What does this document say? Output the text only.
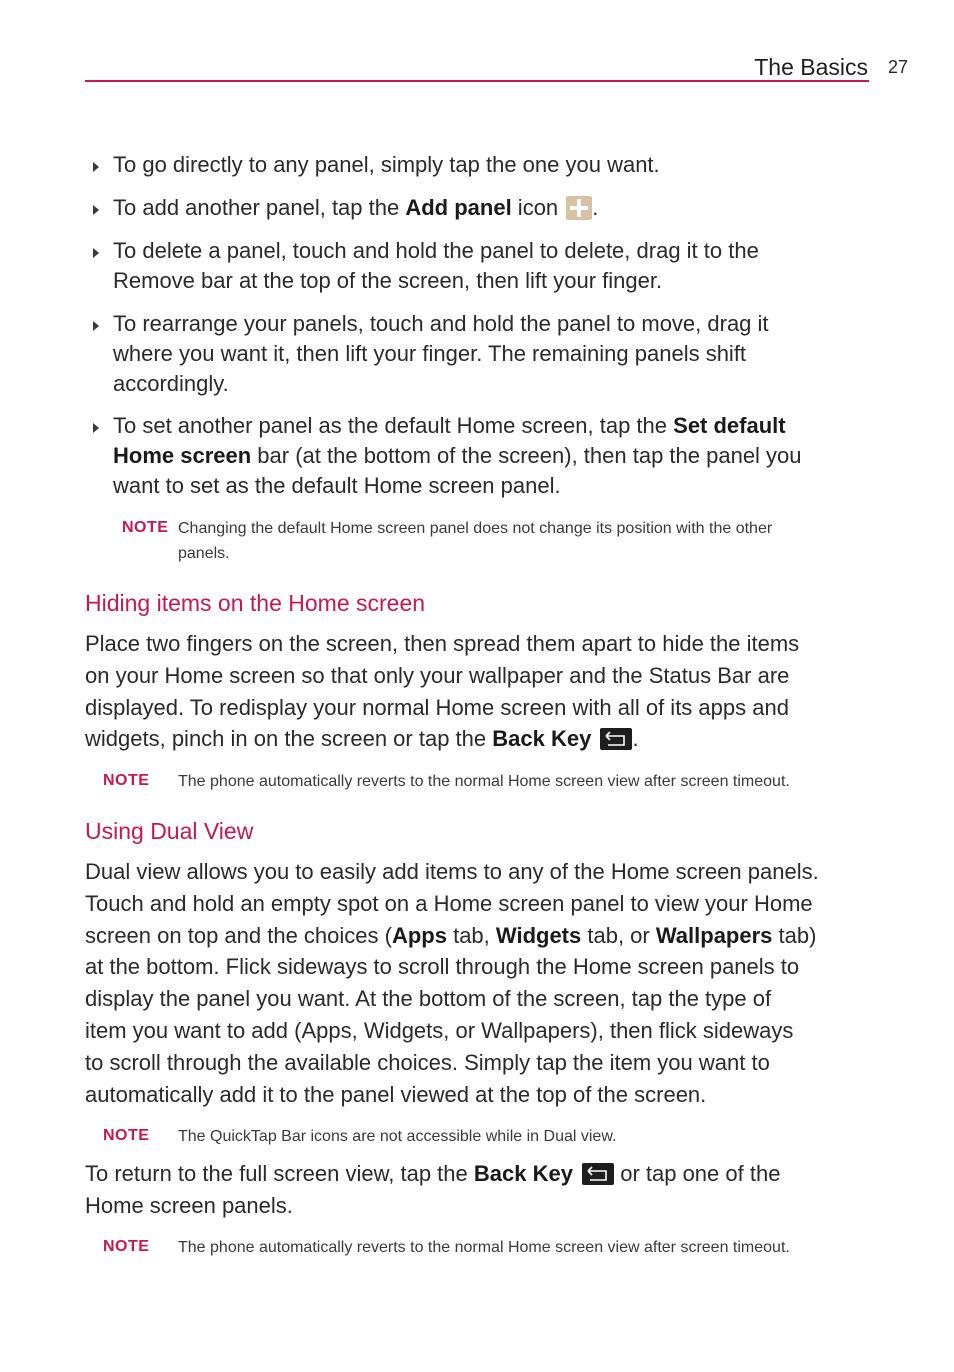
The Basics 27
To go directly to any panel, simply tap the one you want.
To add another panel, tap the Add panel icon .
To delete a panel, touch and hold the panel to delete, drag it to the
Remove bar at the top of the screen, then lift your finger.
To rearrange your panels, touch and hold the panel to move, drag it
where you want it, then lift your finger. The remaining panels shift
accordingly.
To set another panel as the default Home screen, tap the Set default
Home screen bar (at the bottom of the screen), then tap the panel you
want to set as the default Home screen panel.
NOTE Changing the default Home screen panel does not change its position with the other
panels.
Hiding items on the Home screen
Place two fingers on the screen, then spread them apart to hide the items
on your Home screen so that only your wallpaper and the Status Bar are
displayed. To redisplay your normal Home screen with all of its apps and
widgets, pinch in on the screen or tap the Back Key .
NOTE The phone automatically reverts to the normal Home screen view after screen timeout.
Using Dual View
Dual view allows you to easily add items to any of the Home screen panels.
Touch and hold an empty spot on a Home screen panel to view your Home
screen on top and the choices (Apps tab, Widgets tab, or Wallpapers tab)
at the bottom. Flick sideways to scroll through the Home screen panels to
display the panel you want. At the bottom of the screen, tap the type of
item you want to add (Apps, Widgets, or Wallpapers), then flick sideways
to scroll through the available choices. Simply tap the item you want to
automatically add it to the panel viewed at the top of the screen.
NOTE The QuickTap Bar icons are not accessible while in Dual view.
To return to the full screen view, tap the Back Key
or tap one of the
Home screen panels.
NOTE The phone automatically reverts to the normal Home screen view after screen timeout.
